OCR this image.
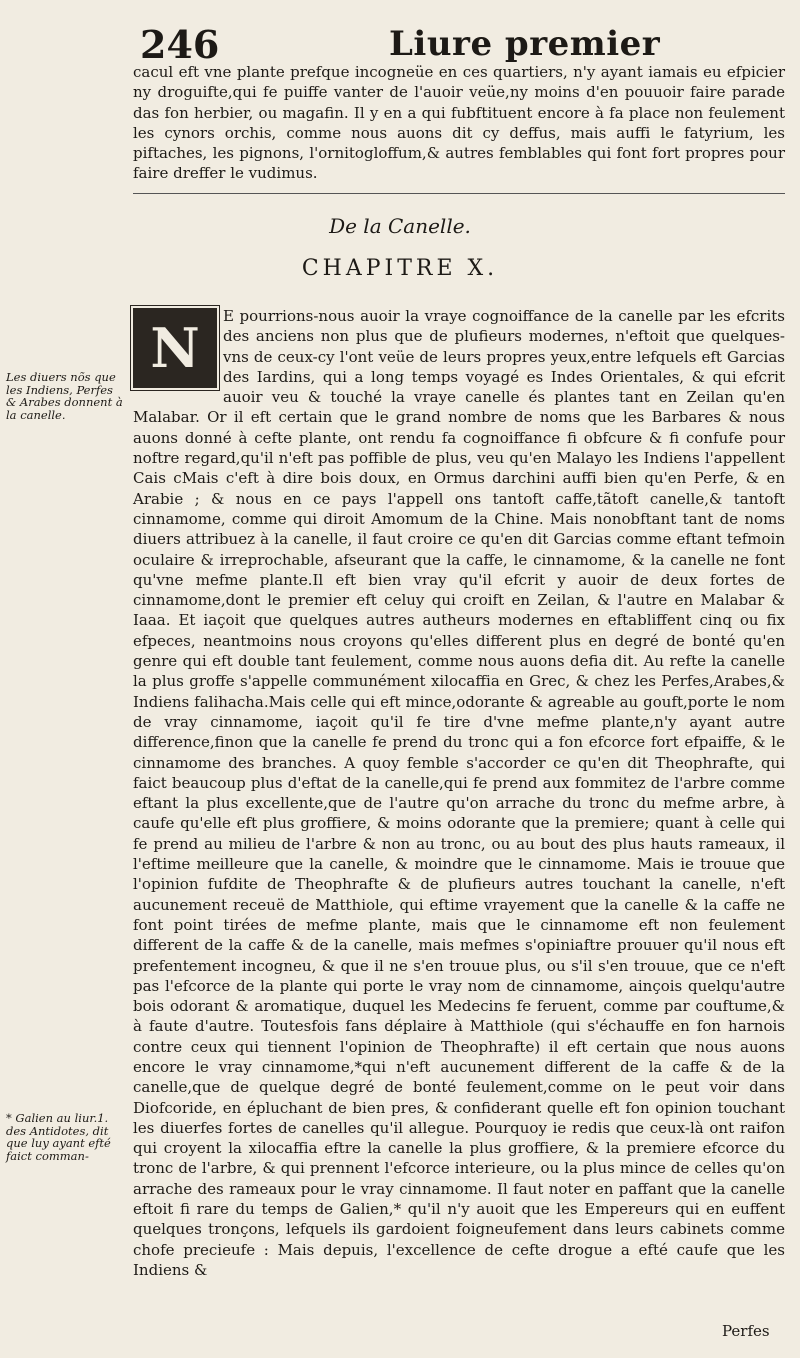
246	Liure premier

cacul eft vne plante prefque incogneüe en ces quartiers, n'y ayant iamais eu efpicier ny droguifte,qui fe puiffe vanter de l'auoir veüe,ny moins d'en pouuoir faire parade das fon herbier, ou magafin. Il y en a qui fubftituent encore à fa place non feulement les cynors orchis, comme nous auons dit cy deffus, mais auffi le fatyrium, les piftaches, les pignons, l'ornitogloffum,& autres femblables qui font fort propres pour faire dreffer le vudimus.

De la Canelle.
CHAPITRE X.
N	E pourrions-nous auoir la vraye cognoiffance de la canelle par les efcrits des anciens non plus que de plufieurs modernes, n'eftoit que quelques-vns de ceux-cy l'ont veüe de leurs propres yeux,entre lefquels eft Garcias des Iardins, qui a long temps voyagé es Indes Orientales, & qui efcrit auoir veu & touché la vraye canelle és plantes tant en Zeilan qu'en Malabar. Or il eft certain que le grand nombre de noms que les Barbares & nous auons donné à cefte plante, ont rendu fa cognoiffance fi obfcure & fi confufe pour noftre regard,qu'il n'eft pas poffible de plus, veu qu'en Malayo les Indiens l'appellent Cais cMais c'eft à dire bois doux, en Ormus darchini auffi bien qu'en Perfe, & en Arabie ; & nous en ce pays l'appell ons tantoft caffe,tãtoft canelle,& tantoft cinnamome, comme qui diroit Amomum de la Chine. Mais nonobftant tant de noms diuers attribuez à la canelle, il faut croire ce qu'en dit Garcias comme eftant tefmoin oculaire & irreprochable, afseurant que la caffe, le cinnamome, & la canelle ne font qu'vne mefme plante.Il eft bien vray qu'il efcrit y auoir de deux fortes de cinnamome,dont le premier eft celuy qui croift en Zeilan, & l'autre en Malabar & Iaaa. Et iaçoit que quelques autres autheurs modernes en eftabliffent cinq ou fix efpeces, neantmoins nous croyons qu'elles different plus en degré de bonté qu'en genre qui eft double tant feulement, comme nous auons defia dit. Au refte la canelle la plus groffe s'appelle communément xilocaffia en Grec, & chez les Perfes,Arabes,& Indiens falihacha.Mais celle qui eft mince,odorante & agreable au gouft,porte le nom de vray cinnamome, iaçoit qu'il fe tire d'vne mefme plante,n'y ayant autre difference,finon que la canelle fe prend du tronc qui a fon efcorce fort efpaiffe, & le cinnamome des branches. A quoy femble s'accorder ce qu'en dit Theophrafte, qui faict beaucoup plus d'eftat de la canelle,qui fe prend aux fommitez de l'arbre comme eftant la plus excellente,que de l'autre qu'on arrache du tronc du mefme arbre, à caufe qu'elle eft plus groffiere, & moins odorante que la premiere; quant à celle qui fe prend au milieu de l'arbre & non au tronc, ou au bout des plus hauts rameaux, il l'eftime meilleure que la canelle, & moindre que le cinnamome. Mais ie trouue que l'opinion fufdite de Theophrafte & de plufieurs autres touchant la canelle, n'eft aucunement receuë de Matthiole, qui eftime vrayement que la canelle & la caffe ne font point tirées de mefme plante, mais que le cinnamome eft non feulement different de la caffe & de la canelle, mais mefmes s'opiniaftre prouuer qu'il nous eft prefentement incogneu, & que il ne s'en trouue plus, ou s'il s'en trouue, que ce n'eft pas l'efcorce de la plante qui porte le vray nom de cinnamome, ainçois quelqu'autre bois odorant & aromatique, duquel les Medecins fe feruent, comme par couftume,& à faute d'autre. Toutesfois fans déplaire à Matthiole (qui s'échauffe en fon harnois contre ceux qui tiennent l'opinion de Theophrafte) il eft certain que nous auons encore le vray cinnamome,*qui n'eft aucunement different de la caffe & de la canelle,que de quelque degré de bonté feulement,comme on le peut voir dans Diofcoride, en épluchant de bien pres, & confiderant quelle eft fon opinion touchant les diuerfes fortes de canelles qu'il allegue. Pourquoy ie redis que ceux-là ont raifon qui croyent la xilocaffia eftre la canelle la plus groffiere, & la premiere efcorce du tronc de l'arbre, & qui prennent l'efcorce interieure, ou la plus mince de celles qu'on arrache des rameaux pour le vray cinnamome. Il faut noter en paffant que la canelle eftoit fi rare du temps de Galien,* qu'il n'y auoit que les Empereurs qui en euffent quelques tronçons, lefquels ils gardoient foigneufement dans leurs cabinets comme chofe precieufe : Mais depuis, l'excellence de cefte drogue a efté caufe que les Indiens &

Les diuers nõs que les Indiens, Perfes & Arabes donnent à la canelle.
* Galien au liur.1. des Antidotes, dit que luy ayant efté faict comman-
Perfes
